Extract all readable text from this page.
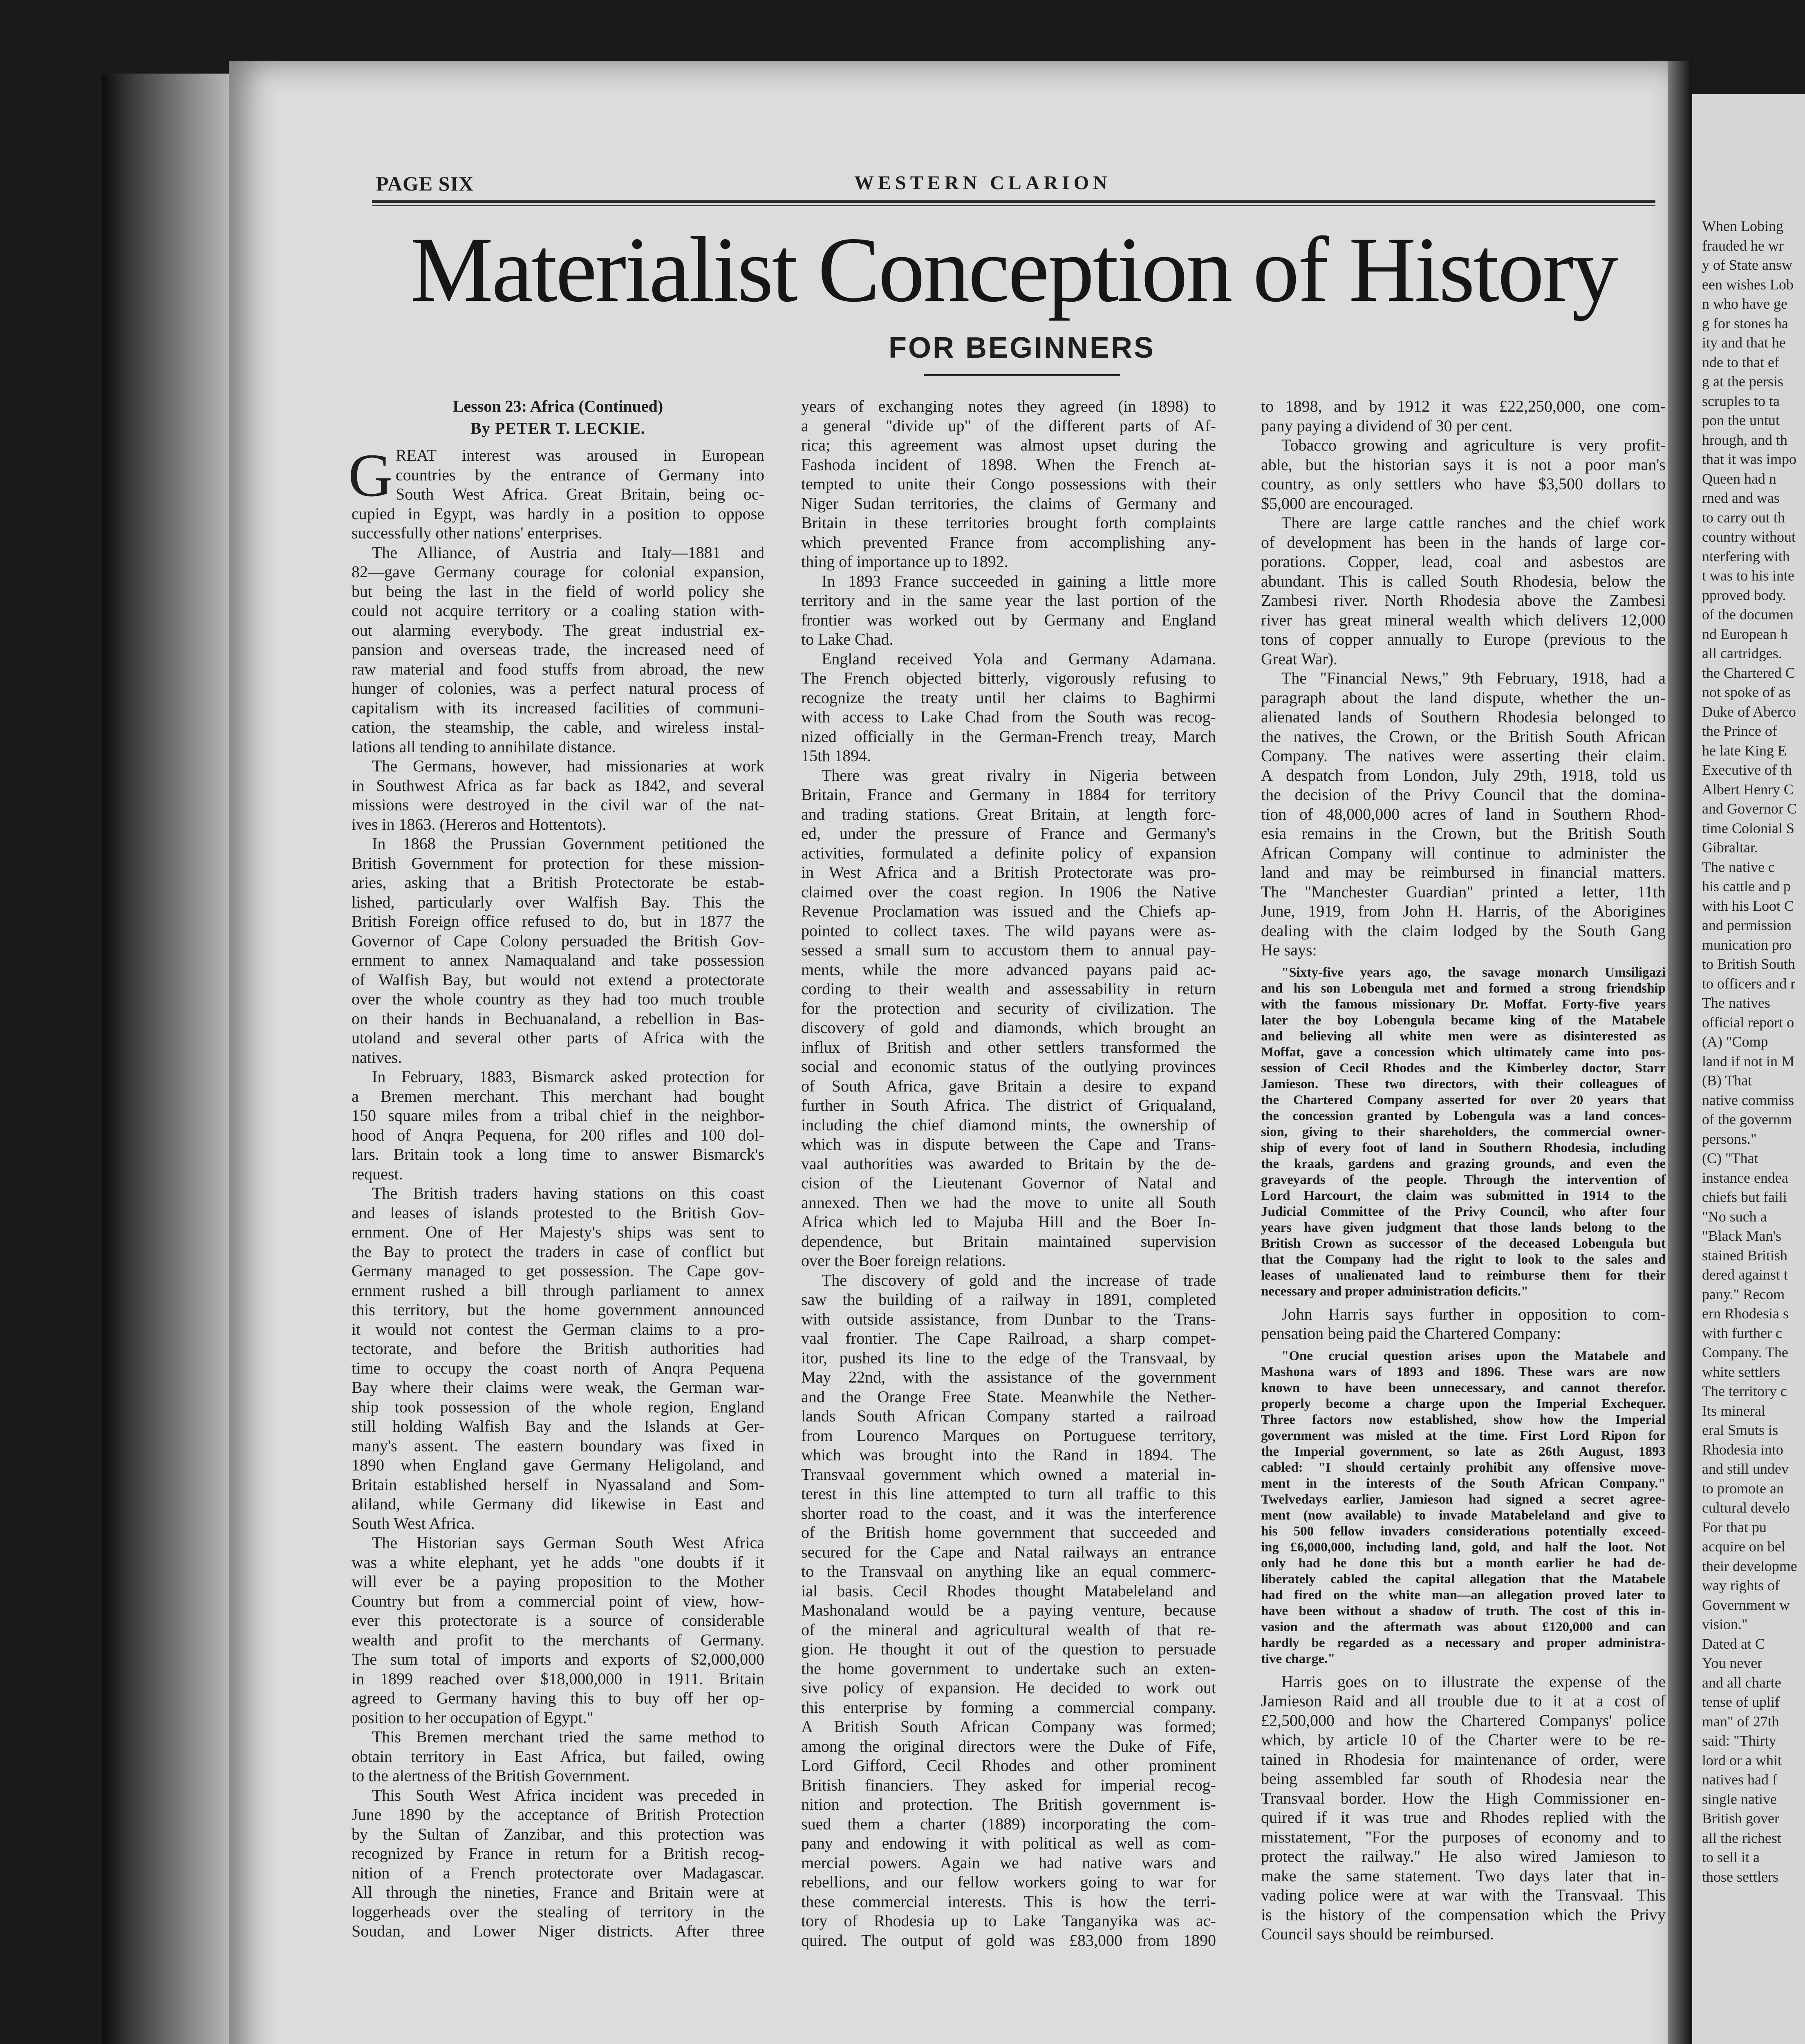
When Lobing
frauded he wr
y of State answ
een wishes Lob
n who have ge
g for stones ha
ity and that he
nde to that ef
g at the persis
scruples to ta
pon the untut
hrough, and th
that it was impo
Queen had n
rned and was
to carry out th
country without
nterfering with
t was to his inte
pproved body.
of the documen
nd European h
all cartridges.
the Chartered C
not spoke of as
Duke of Aberco
the Prince of
he late King E
Executive of th
Albert Henry C
and Governor C
time Colonial S
Gibraltar.
The native c
his cattle and p
with his Loot C
and permission
munication pro
to British South
to officers and r
The natives
official report o
(A) "Comp
land if not in M
(B) That
native commiss
of the governm
persons."
(C) "That
instance endea
chiefs but faili
"No such a
"Black Man's
stained British
dered against t
pany." Recom
ern Rhodesia s
with further c
Company. The
white settlers
The territory c
Its mineral
eral Smuts is
Rhodesia into
and still undev
to promote an
cultural develo
For that pu
acquire on bel
their developme
way rights of
Government w
vision."
Dated at C
You never
and all charte
tense of uplif
man" of 27th
said: "Thirty
lord or a whit
natives had f
single native
British gover
all the richest
to sell it a
those settlers
PAGE SIX	WESTERN CLARION
Materialist Conception of History
FOR BEGINNERS
Lesson 23: Africa (Continued)
By PETER T. LECKIE.
G REAT interest was aroused in European
countries by the entrance of Germany into
South West Africa. Great Britain, being oc-
cupied in Egypt, was hardly in a position to oppose
successfully other nations' enterprises.
The Alliance, of Austria and Italy—1881 and
82—gave Germany courage for colonial expansion,
but being the last in the field of world policy she
could not acquire territory or a coaling station with-
out alarming everybody. The great industrial ex-
pansion and overseas trade, the increased need of
raw material and food stuffs from abroad, the new
hunger of colonies, was a perfect natural process of
capitalism with its increased facilities of communi-
cation, the steamship, the cable, and wireless instal-
lations all tending to annihilate distance.
The Germans, however, had missionaries at work
in Southwest Africa as far back as 1842, and several
missions were destroyed in the civil war of the nat-
ives in 1863. (Hereros and Hottentots).
In 1868 the Prussian Government petitioned the
British Government for protection for these mission-
aries, asking that a British Protectorate be estab-
lished, particularly over Walfish Bay. This the
British Foreign office refused to do, but in 1877 the
Governor of Cape Colony persuaded the British Gov-
ernment to annex Namaqualand and take possession
of Walfish Bay, but would not extend a protectorate
over the whole country as they had too much trouble
on their hands in Bechuanaland, a rebellion in Bas-
utoland and several other parts of Africa with the
natives.
In February, 1883, Bismarck asked protection for
a Bremen merchant. This merchant had bought
150 square miles from a tribal chief in the neighbor-
hood of Anqra Pequena, for 200 rifles and 100 dol-
lars. Britain took a long time to answer Bismarck's
request.
The British traders having stations on this coast
and leases of islands protested to the British Gov-
ernment. One of Her Majesty's ships was sent to
the Bay to protect the traders in case of conflict but
Germany managed to get possession. The Cape gov-
ernment rushed a bill through parliament to annex
this territory, but the home government announced
it would not contest the German claims to a pro-
tectorate, and before the British authorities had
time to occupy the coast north of Anqra Pequena
Bay where their claims were weak, the German war-
ship took possession of the whole region, England
still holding Walfish Bay and the Islands at Ger-
many's assent. The eastern boundary was fixed in
1890 when England gave Germany Heligoland, and
Britain established herself in Nyassaland and Som-
aliland, while Germany did likewise in East and
South West Africa.
The Historian says German South West Africa
was a white elephant, yet he adds "one doubts if it
will ever be a paying proposition to the Mother
Country but from a commercial point of view, how-
ever this protectorate is a source of considerable
wealth and profit to the merchants of Germany.
The sum total of imports and exports of $2,000,000
in 1899 reached over $18,000,000 in 1911. Britain
agreed to Germany having this to buy off her op-
position to her occupation of Egypt."
This Bremen merchant tried the same method to
obtain territory in East Africa, but failed, owing
to the alertness of the British Government.
This South West Africa incident was preceded in
June 1890 by the acceptance of British Protection
by the Sultan of Zanzibar, and this protection was
recognized by France in return for a British recog-
nition of a French protectorate over Madagascar.
All through the nineties, France and Britain were at
loggerheads over the stealing of territory in the
Soudan, and Lower Niger districts. After three
years of exchanging notes they agreed (in 1898) to
a general "divide up" of the different parts of Af-
rica; this agreement was almost upset during the
Fashoda incident of 1898. When the French at-
tempted to unite their Congo possessions with their
Niger Sudan territories, the claims of Germany and
Britain in these territories brought forth complaints
which prevented France from accomplishing any-
thing of importance up to 1892.
In 1893 France succeeded in gaining a little more
territory and in the same year the last portion of the
frontier was worked out by Germany and England
to Lake Chad.
England received Yola and Germany Adamana.
The French objected bitterly, vigorously refusing to
recognize the treaty until her claims to Baghirmi
with access to Lake Chad from the South was recog-
nized officially in the German-French treay, March
15th 1894.
There was great rivalry in Nigeria between
Britain, France and Germany in 1884 for territory
and trading stations. Great Britain, at length forc-
ed, under the pressure of France and Germany's
activities, formulated a definite policy of expansion
in West Africa and a British Protectorate was pro-
claimed over the coast region. In 1906 the Native
Revenue Proclamation was issued and the Chiefs ap-
pointed to collect taxes. The wild payans were as-
sessed a small sum to accustom them to annual pay-
ments, while the more advanced payans paid ac-
cording to their wealth and assessability in return
for the protection and security of civilization. The
discovery of gold and diamonds, which brought an
influx of British and other settlers transformed the
social and economic status of the outlying provinces
of South Africa, gave Britain a desire to expand
further in South Africa. The district of Griqualand,
including the chief diamond mints, the ownership of
which was in dispute between the Cape and Trans-
vaal authorities was awarded to Britain by the de-
cision of the Lieutenant Governor of Natal and
annexed. Then we had the move to unite all South
Africa which led to Majuba Hill and the Boer In-
dependence, but Britain maintained supervision
over the Boer foreign relations.
The discovery of gold and the increase of trade
saw the building of a railway in 1891, completed
with outside assistance, from Dunbar to the Trans-
vaal frontier. The Cape Railroad, a sharp compet-
itor, pushed its line to the edge of the Transvaal, by
May 22nd, with the assistance of the government
and the Orange Free State. Meanwhile the Nether-
lands South African Company started a railroad
from Lourenco Marques on Portuguese territory,
which was brought into the Rand in 1894. The
Transvaal government which owned a material in-
terest in this line attempted to turn all traffic to this
shorter road to the coast, and it was the interference
of the British home government that succeeded and
secured for the Cape and Natal railways an entrance
to the Transvaal on anything like an equal commerc-
ial basis. Cecil Rhodes thought Matabeleland and
Mashonaland would be a paying venture, because
of the mineral and agricultural wealth of that re-
gion. He thought it out of the question to persuade
the home government to undertake such an exten-
sive policy of expansion. He decided to work out
this enterprise by forming a commercial company.
A British South African Company was formed;
among the original directors were the Duke of Fife,
Lord Gifford, Cecil Rhodes and other prominent
British financiers. They asked for imperial recog-
nition and protection. The British government is-
sued them a charter (1889) incorporating the com-
pany and endowing it with political as well as com-
mercial powers. Again we had native wars and
rebellions, and our fellow workers going to war for
these commercial interests. This is how the terri-
tory of Rhodesia up to Lake Tanganyika was ac-
quired. The output of gold was £83,000 from 1890
to 1898, and by 1912 it was £22,250,000, one com-
pany paying a dividend of 30 per cent.
Tobacco growing and agriculture is very profit-
able, but the historian says it is not a poor man's
country, as only settlers who have $3,500 dollars to
$5,000 are encouraged.
There are large cattle ranches and the chief work
of development has been in the hands of large cor-
porations. Copper, lead, coal and asbestos are
abundant. This is called South Rhodesia, below the
Zambesi river. North Rhodesia above the Zambesi
river has great mineral wealth which delivers 12,000
tons of copper annually to Europe (previous to the
Great War).
The "Financial News," 9th February, 1918, had a
paragraph about the land dispute, whether the un-
alienated lands of Southern Rhodesia belonged to
the natives, the Crown, or the British South African
Company. The natives were asserting their claim.
A despatch from London, July 29th, 1918, told us
the decision of the Privy Council that the domina-
tion of 48,000,000 acres of land in Southern Rhod-
esia remains in the Crown, but the British South
African Company will continue to administer the
land and may be reimbursed in financial matters.
The "Manchester Guardian" printed a letter, 11th
June, 1919, from John H. Harris, of the Aborigines
dealing with the claim lodged by the South Gang
He says:
"Sixty-five years ago, the savage monarch Umsiligazi
and his son Lobengula met and formed a strong friendship
with the famous missionary Dr. Moffat. Forty-five years
later the boy Lobengula became king of the Matabele
and believing all white men were as disinterested as
Moffat, gave a concession which ultimately came into pos-
session of Cecil Rhodes and the Kimberley doctor, Starr
Jamieson. These two directors, with their colleagues of
the Chartered Company asserted for over 20 years that
the concession granted by Lobengula was a land conces-
sion, giving to their shareholders, the commercial owner-
ship of every foot of land in Southern Rhodesia, including
the kraals, gardens and grazing grounds, and even the
graveyards of the people. Through the intervention of
Lord Harcourt, the claim was submitted in 1914 to the
Judicial Committee of the Privy Council, who after four
years have given judgment that those lands belong to the
British Crown as successor of the deceased Lobengula but
that the Company had the right to look to the sales and
leases of unalienated land to reimburse them for their
necessary and proper administration deficits."
John Harris says further in opposition to com-
pensation being paid the Chartered Company:
"One crucial question arises upon the Matabele and
Mashona wars of 1893 and 1896. These wars are now
known to have been unnecessary, and cannot therefor.
properly become a charge upon the Imperial Exchequer.
Three factors now established, show how the Imperial
government was misled at the time. First Lord Ripon for
the Imperial government, so late as 26th August, 1893
cabled: "I should certainly prohibit any offensive move-
ment in the interests of the South African Company."
Twelvedays earlier, Jamieson had signed a secret agree-
ment (now available) to invade Matabeleland and give to
his 500 fellow invaders considerations potentially exceed-
ing £6,000,000, including land, gold, and half the loot. Not
only had he done this but a month earlier he had de-
liberately cabled the capital allegation that the Matabele
had fired on the white man—an allegation proved later to
have been without a shadow of truth. The cost of this in-
vasion and the aftermath was about £120,000 and can
hardly be regarded as a necessary and proper administra-
tive charge."
Harris goes on to illustrate the expense of the
Jamieson Raid and all trouble due to it at a cost of
£2,500,000 and how the Chartered Companys' police
which, by article 10 of the Charter were to be re-
tained in Rhodesia for maintenance of order, were
being assembled far south of Rhodesia near the
Transvaal border. How the High Commissioner en-
quired if it was true and Rhodes replied with the
misstatement, "For the purposes of economy and to
protect the railway." He also wired Jamieson to
make the same statement. Two days later that in-
vading police were at war with the Transvaal. This
is the history of the compensation which the Privy
Council says should be reimbursed.
